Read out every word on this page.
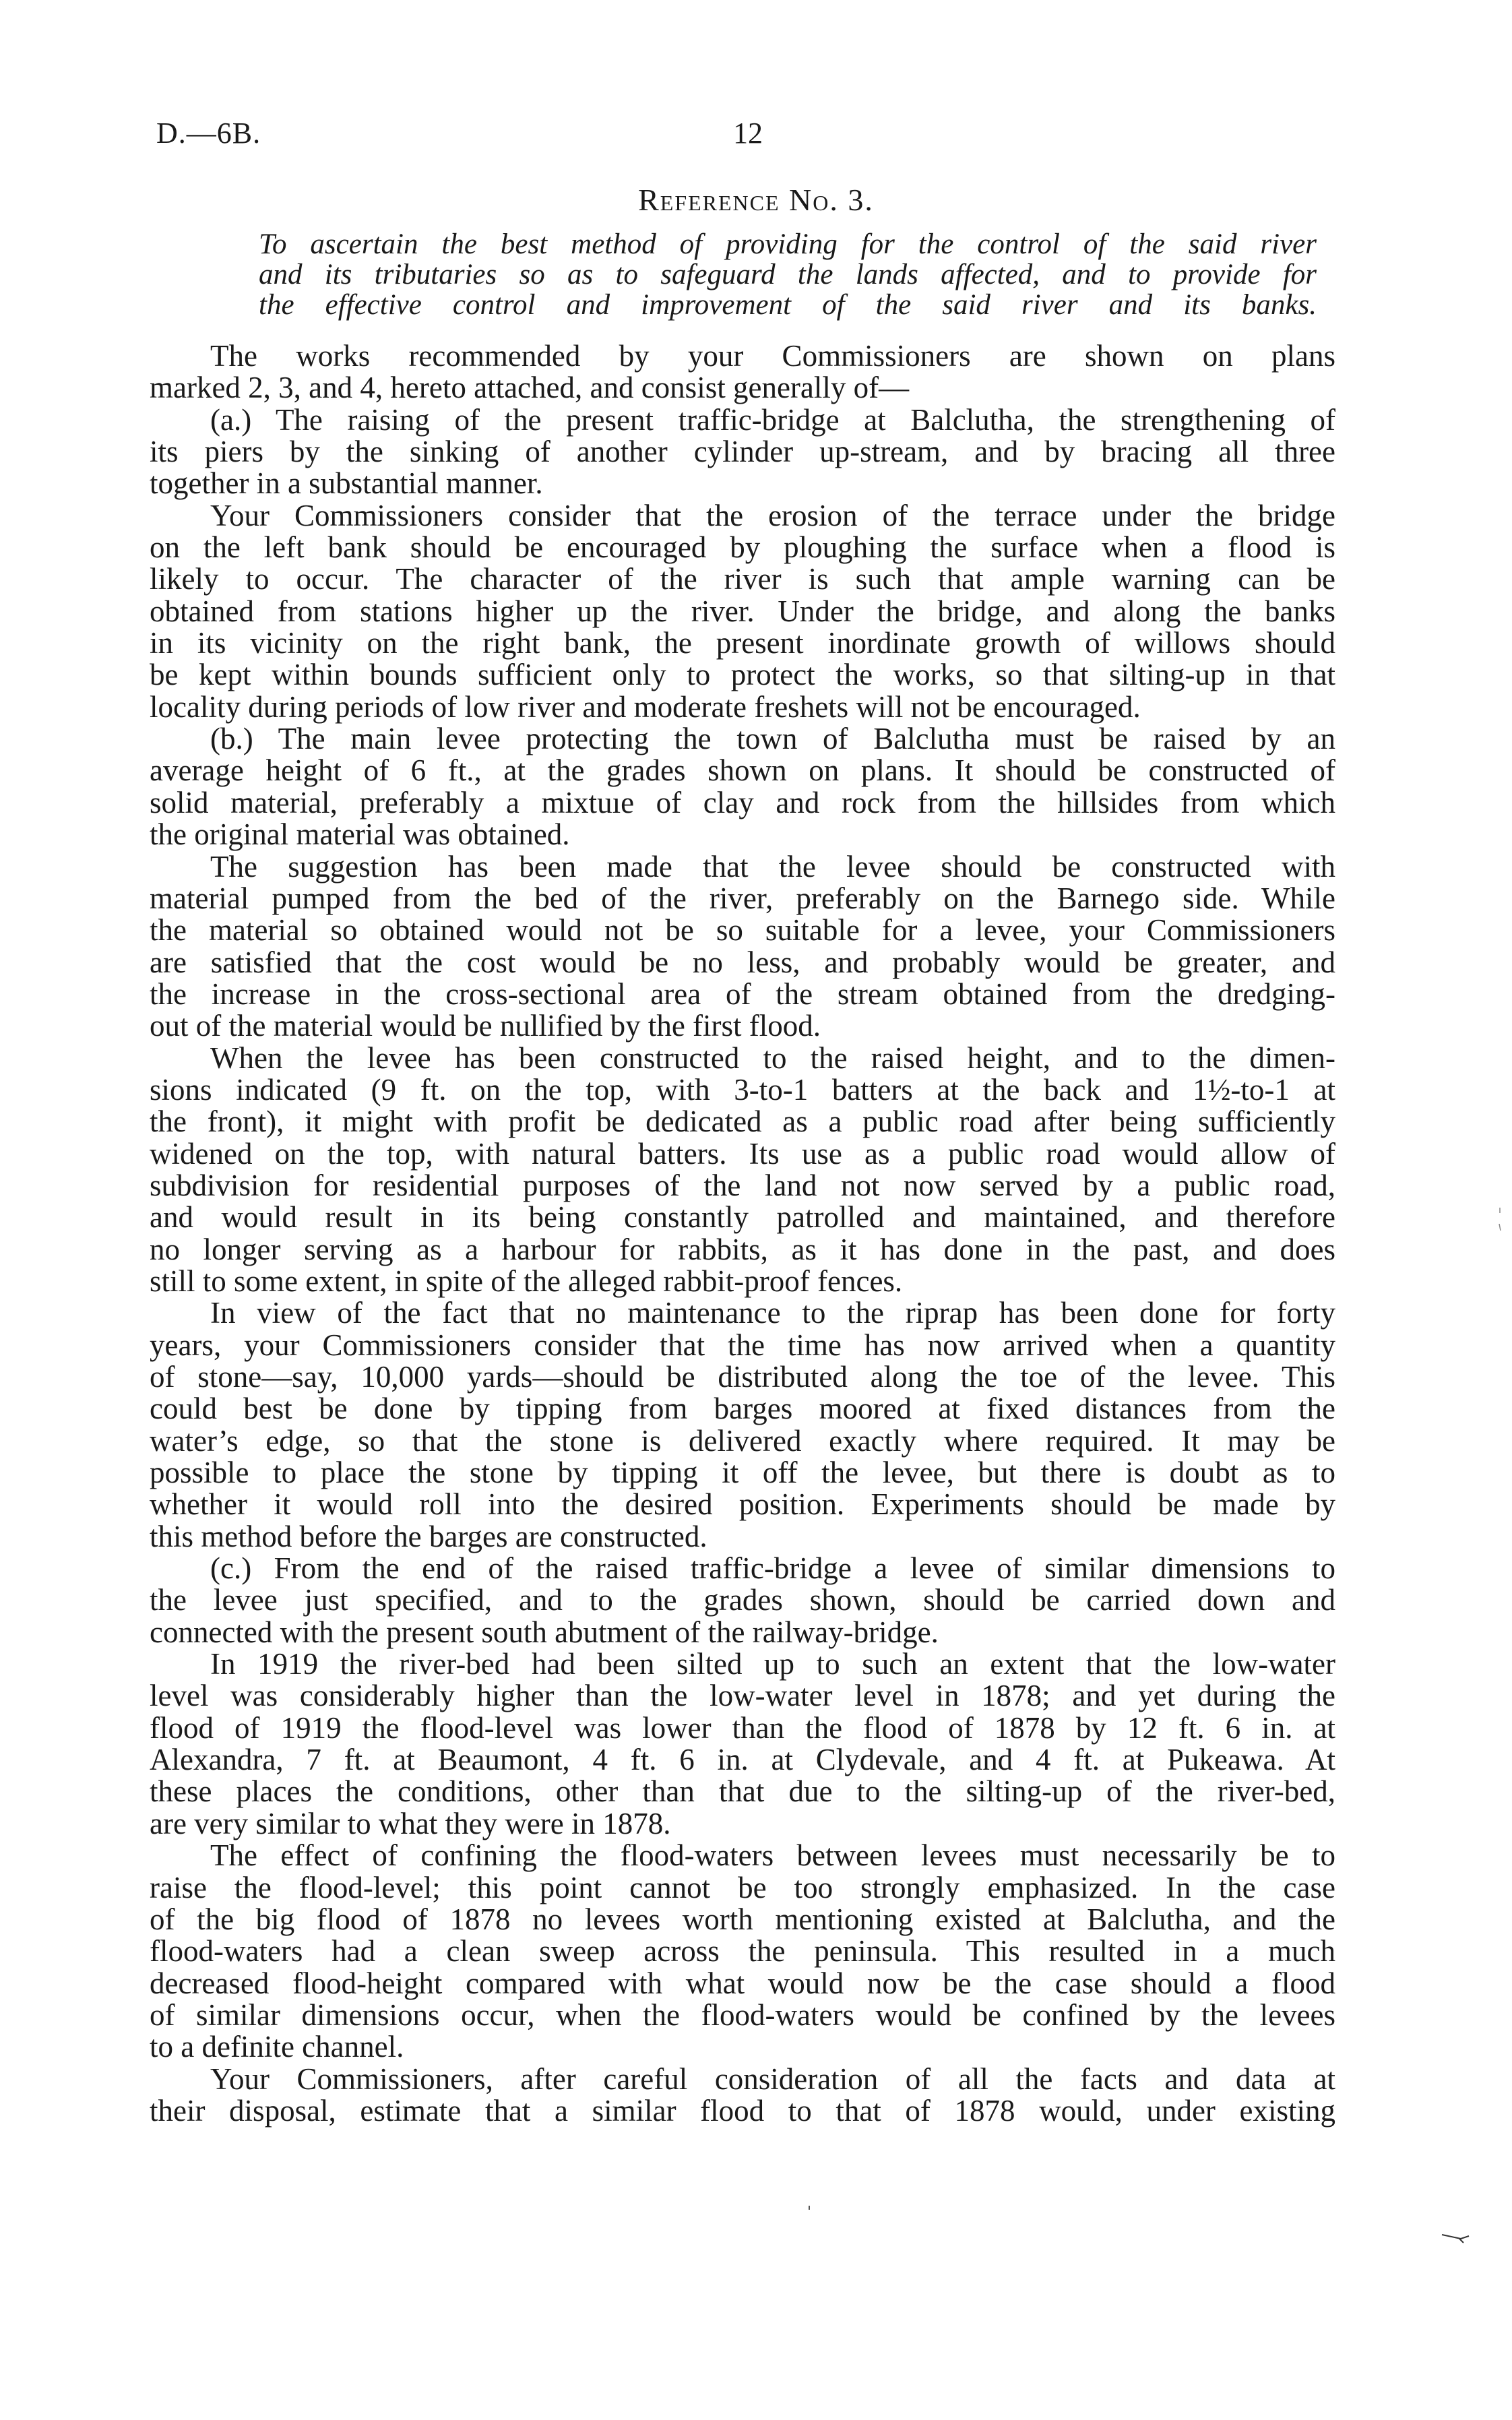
D.—6B.	12
Reference No. 3.
To ascertain the best method of providing for the control of the said river
and its tributaries so as to safeguard the lands affected, and to provide for
the effective control and improvement of the said river and its banks.

The works recommended by your Commissioners are shown on plans
marked 2, 3, and 4, hereto attached, and consist generally of—

(a.) The raising of the present traffic-bridge at Balclutha, the strengthening of
its piers by the sinking of another cylinder up-stream, and by bracing all three
together in a substantial manner.

Your Commissioners consider that the erosion of the terrace under the bridge
on the left bank should be encouraged by ploughing the surface when a flood is
likely to occur. The character of the river is such that ample warning can be
obtained from stations higher up the river. Under the bridge, and along the banks
in its vicinity on the right bank, the present inordinate growth of willows should
be kept within bounds sufficient only to protect the works, so that silting-up in that
locality during periods of low river and moderate freshets will not be encouraged.

(b.) The main levee protecting the town of Balclutha must be raised by an
average height of 6 ft., at the grades shown on plans. It should be constructed of
solid material, preferably a mixtuıe of clay and rock from the hillsides from which
the original material was obtained.

The suggestion has been made that the levee should be constructed with
material pumped from the bed of the river, preferably on the Barnego side. While
the material so obtained would not be so suitable for a levee, your Commissioners
are satisfied that the cost would be no less, and probably would be greater, and
the increase in the cross-sectional area of the stream obtained from the dredging-
out of the material would be nullified by the first flood.

When the levee has been constructed to the raised height, and to the dimen-
sions indicated (9 ft. on the top, with 3-to-1 batters at the back and 1½-to-1 at
the front), it might with profit be dedicated as a public road after being sufficiently
widened on the top, with natural batters. Its use as a public road would allow of
subdivision for residential purposes of the land not now served by a public road,
and would result in its being constantly patrolled and maintained, and therefore
no longer serving as a harbour for rabbits, as it has done in the past, and does
still to some extent, in spite of the alleged rabbit-proof fences.

In view of the fact that no maintenance to the riprap has been done for forty
years, your Commissioners consider that the time has now arrived when a quantity
of stone—say, 10,000 yards—should be distributed along the toe of the levee. This
could best be done by tipping from barges moored at fixed distances from the
water’s edge, so that the stone is delivered exactly where required. It may be
possible to place the stone by tipping it off the levee, but there is doubt as to
whether it would roll into the desired position. Experiments should be made by
this method before the barges are constructed.

(c.) From the end of the raised traffic-bridge a levee of similar dimensions to
the levee just specified, and to the grades shown, should be carried down and
connected with the present south abutment of the railway-bridge.

In 1919 the river-bed had been silted up to such an extent that the low-water
level was considerably higher than the low-water level in 1878; and yet during the
flood of 1919 the flood-level was lower than the flood of 1878 by 12 ft. 6 in. at
Alexandra, 7 ft. at Beaumont, 4 ft. 6 in. at Clydevale, and 4 ft. at Pukeawa. At
these places the conditions, other than that due to the silting-up of the river-bed,
are very similar to what they were in 1878.

The effect of confining the flood-waters between levees must necessarily be to
raise the flood-level; this point cannot be too strongly emphasized. In the case
of the big flood of 1878 no levees worth mentioning existed at Balclutha, and the
flood-waters had a clean sweep across the peninsula. This resulted in a much
decreased flood-height compared with what would now be the case should a flood
of similar dimensions occur, when the flood-waters would be confined by the levees
to a definite channel.

Your Commissioners, after careful consideration of all the facts and data at
their disposal, estimate that a similar flood to that of 1878 would, under existing
